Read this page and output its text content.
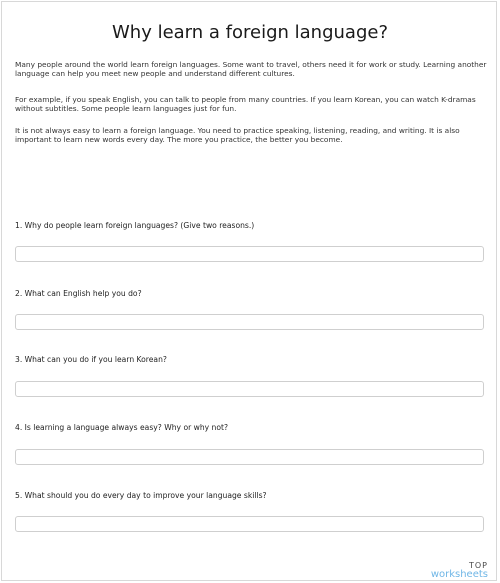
Why learn a foreign language?
Many people around the world learn foreign languages. Some want to travel, others need it for work or study. Learning another language can help you meet new people and understand different cultures.
For example, if you speak English, you can talk to people from many countries. If you learn Korean, you can watch K-dramas without subtitles. Some people learn languages just for fun.
It is not always easy to learn a foreign language. You need to practice speaking, listening, reading, and writing. It is also important to learn new words every day. The more you practice, the better you become.
1. Why do people learn foreign languages? (Give two reasons.)
2. What can English help you do?
3. What can you do if you learn Korean?
4. Is learning a language always easy? Why or why not?
5. What should you do every day to improve your language skills?
TOP
worksheets
